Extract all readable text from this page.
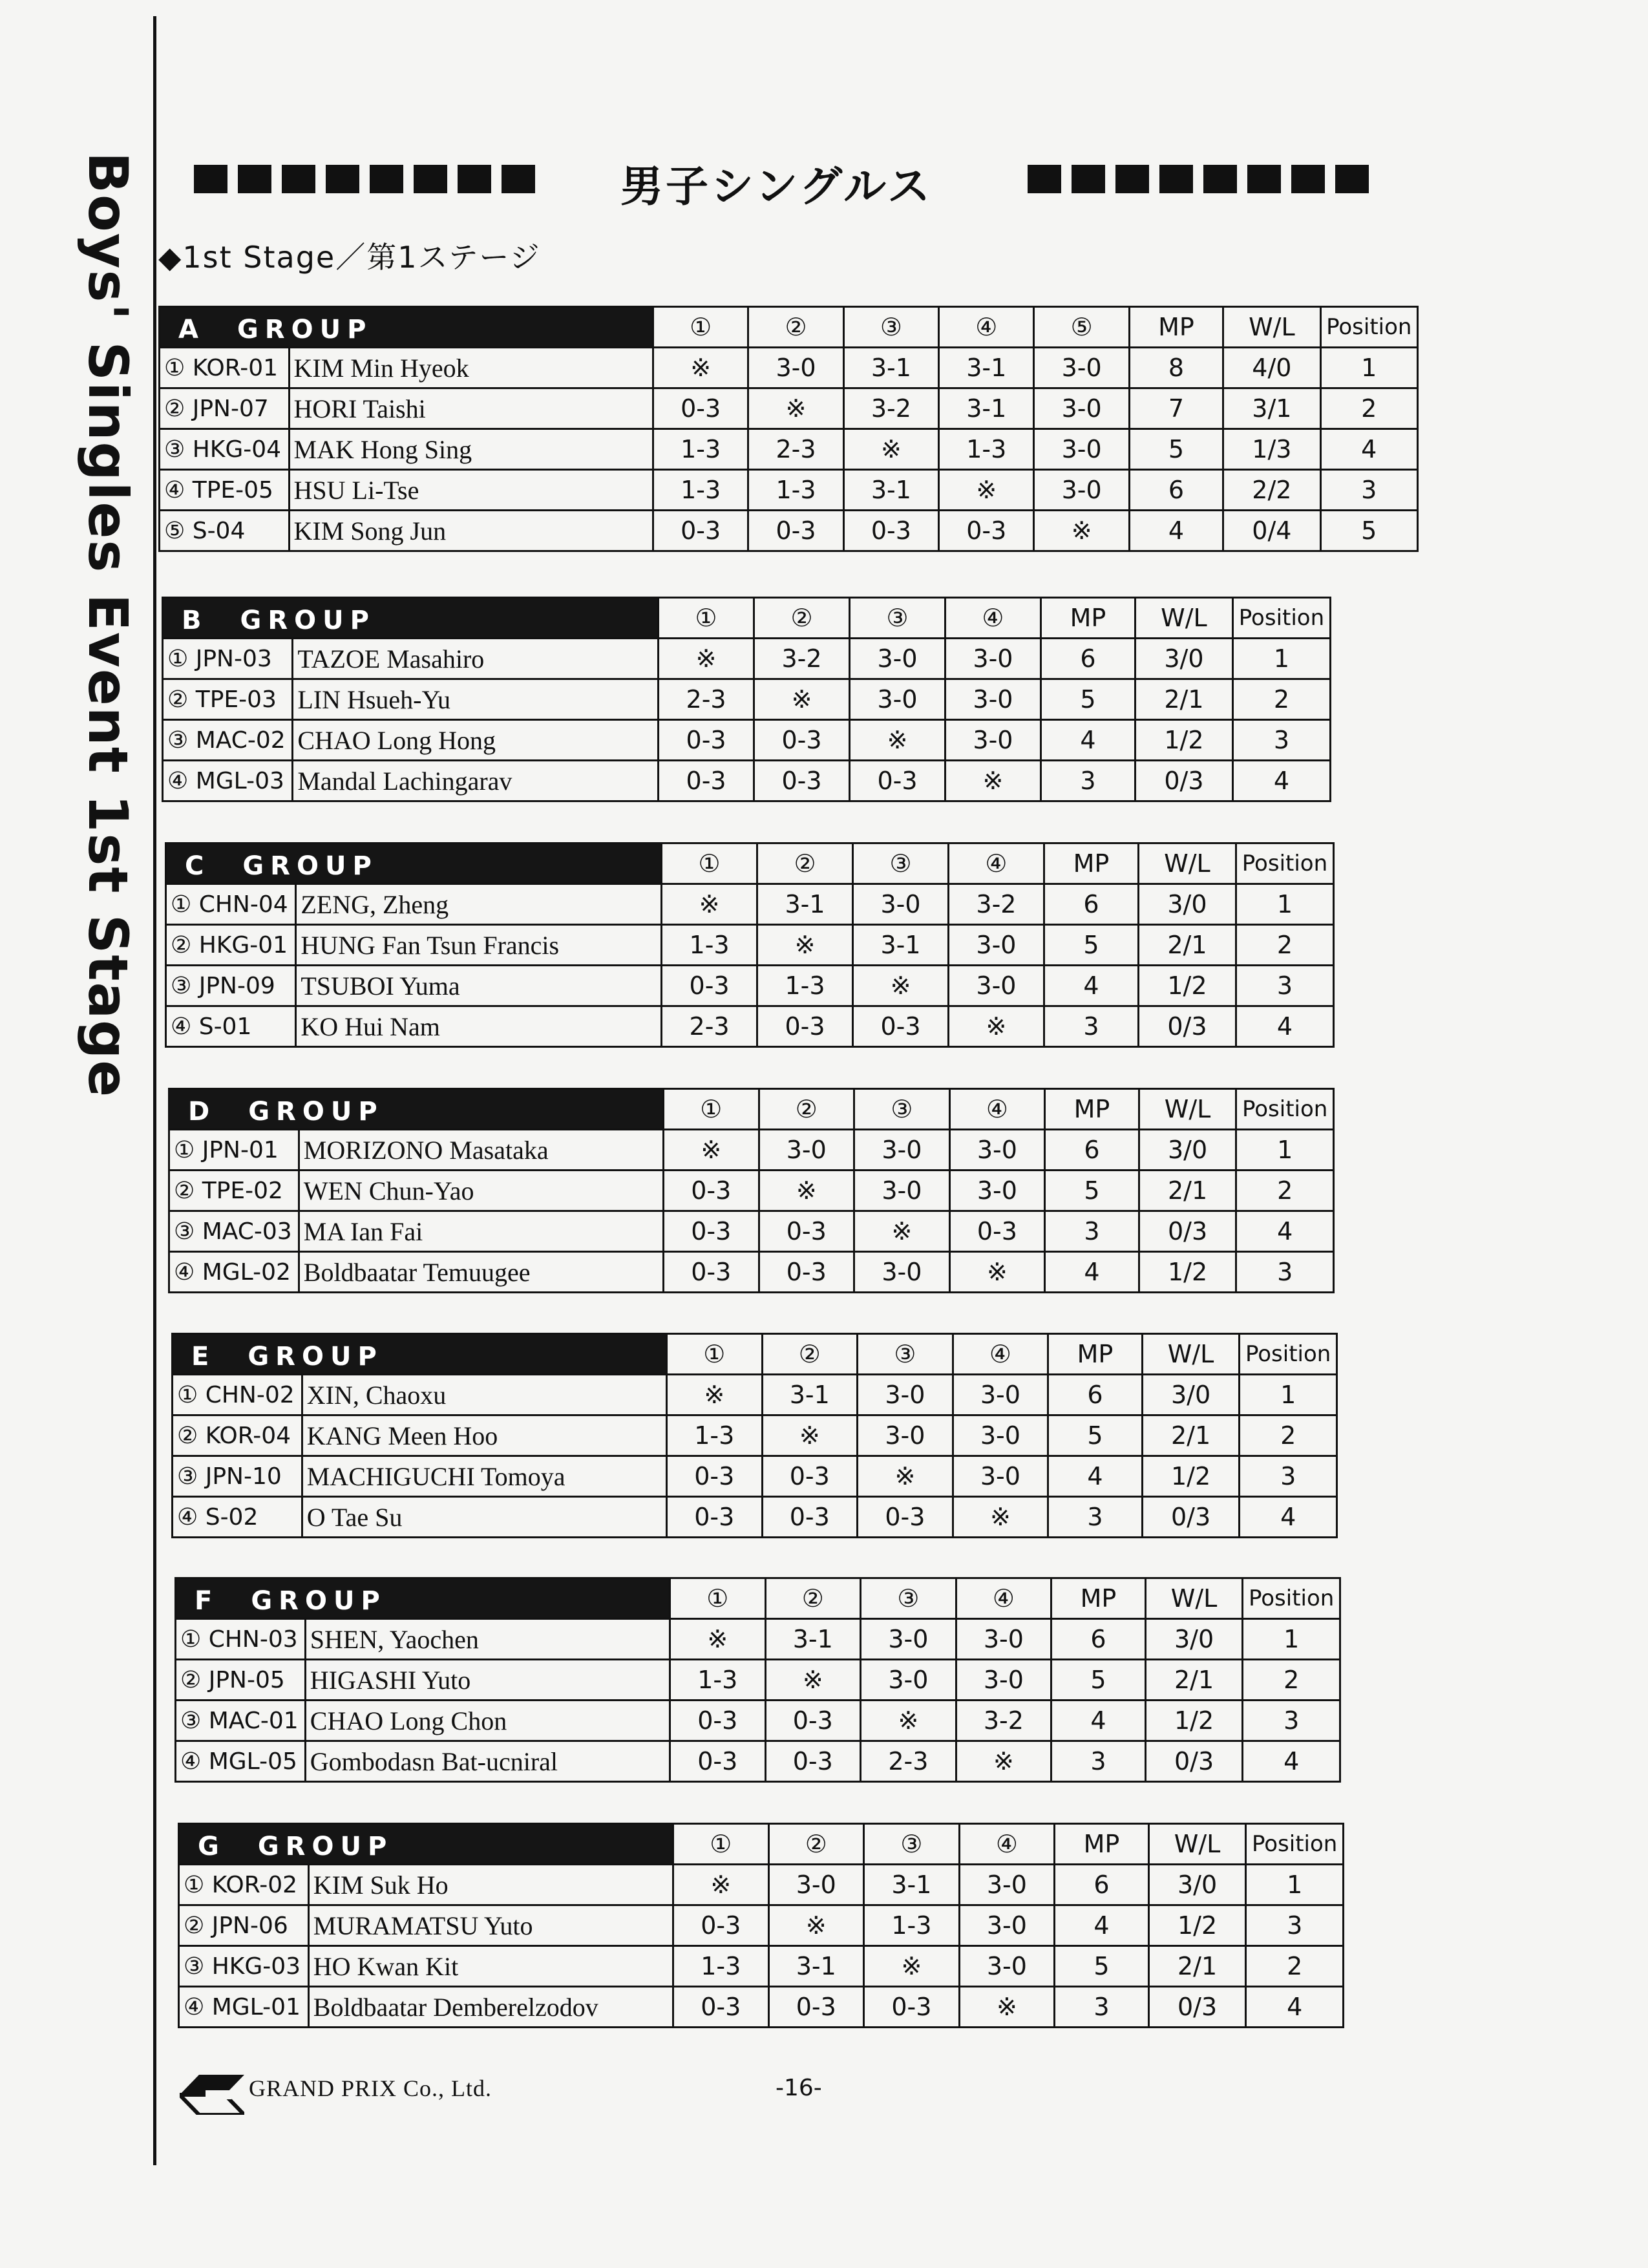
Boys' Singles Event 1st Stage	男子シングルス
◆1st Stage／第1ステージ
A　GROUP		①	②	③	④	⑤	MP	W/L	Position
① KOR-01	KIM Min Hyeok	※	3-0	3-1	3-1	3-0	8	4/0	1
② JPN-07	HORI Taishi	0-3	※	3-2	3-1	3-0	7	3/1	2
③ HKG-04	MAK Hong Sing	1-3	2-3	※	1-3	3-0	5	1/3	4
④ TPE-05	HSU Li-Tse	1-3	1-3	3-1	※	3-0	6	2/2	3
⑤ S-04	KIM Song Jun	0-3	0-3	0-3	0-3	※	4	0/4	5
B　GROUP		①	②	③	④	MP	W/L	Position
① JPN-03	TAZOE Masahiro	※	3-2	3-0	3-0	6	3/0	1
② TPE-03	LIN Hsueh-Yu	2-3	※	3-0	3-0	5	2/1	2
③ MAC-02	CHAO Long Hong	0-3	0-3	※	3-0	4	1/2	3
④ MGL-03	Mandal Lachingarav	0-3	0-3	0-3	※	3	0/3	4
C　GROUP		①	②	③	④	MP	W/L	Position
① CHN-04	ZENG, Zheng	※	3-1	3-0	3-2	6	3/0	1
② HKG-01	HUNG Fan Tsun Francis	1-3	※	3-1	3-0	5	2/1	2
③ JPN-09	TSUBOI Yuma	0-3	1-3	※	3-0	4	1/2	3
④ S-01	KO Hui Nam	2-3	0-3	0-3	※	3	0/3	4
D　GROUP		①	②	③	④	MP	W/L	Position
① JPN-01	MORIZONO Masataka	※	3-0	3-0	3-0	6	3/0	1
② TPE-02	WEN Chun-Yao	0-3	※	3-0	3-0	5	2/1	2
③ MAC-03	MA Ian Fai	0-3	0-3	※	0-3	3	0/3	4
④ MGL-02	Boldbaatar Temuugee	0-3	0-3	3-0	※	4	1/2	3
E　GROUP		①	②	③	④	MP	W/L	Position
① CHN-02	XIN, Chaoxu	※	3-1	3-0	3-0	6	3/0	1
② KOR-04	KANG Meen Hoo	1-3	※	3-0	3-0	5	2/1	2
③ JPN-10	MACHIGUCHI Tomoya	0-3	0-3	※	3-0	4	1/2	3
④ S-02	O Tae Su	0-3	0-3	0-3	※	3	0/3	4
F　GROUP		①	②	③	④	MP	W/L	Position
① CHN-03	SHEN, Yaochen	※	3-1	3-0	3-0	6	3/0	1
② JPN-05	HIGASHI Yuto	1-3	※	3-0	3-0	5	2/1	2
③ MAC-01	CHAO Long Chon	0-3	0-3	※	3-2	4	1/2	3
④ MGL-05	Gombodasn Bat-ucniral	0-3	0-3	2-3	※	3	0/3	4
G　GROUP		①	②	③	④	MP	W/L	Position
① KOR-02	KIM Suk Ho	※	3-0	3-1	3-0	6	3/0	1
② JPN-06	MURAMATSU Yuto	0-3	※	1-3	3-0	4	1/2	3
③ HKG-03	HO Kwan Kit	1-3	3-1	※	3-0	5	2/1	2
④ MGL-01	Boldbaatar Demberelzodov	0-3	0-3	0-3	※	3	0/3	4
GRAND PRIX Co., Ltd.	-16-
